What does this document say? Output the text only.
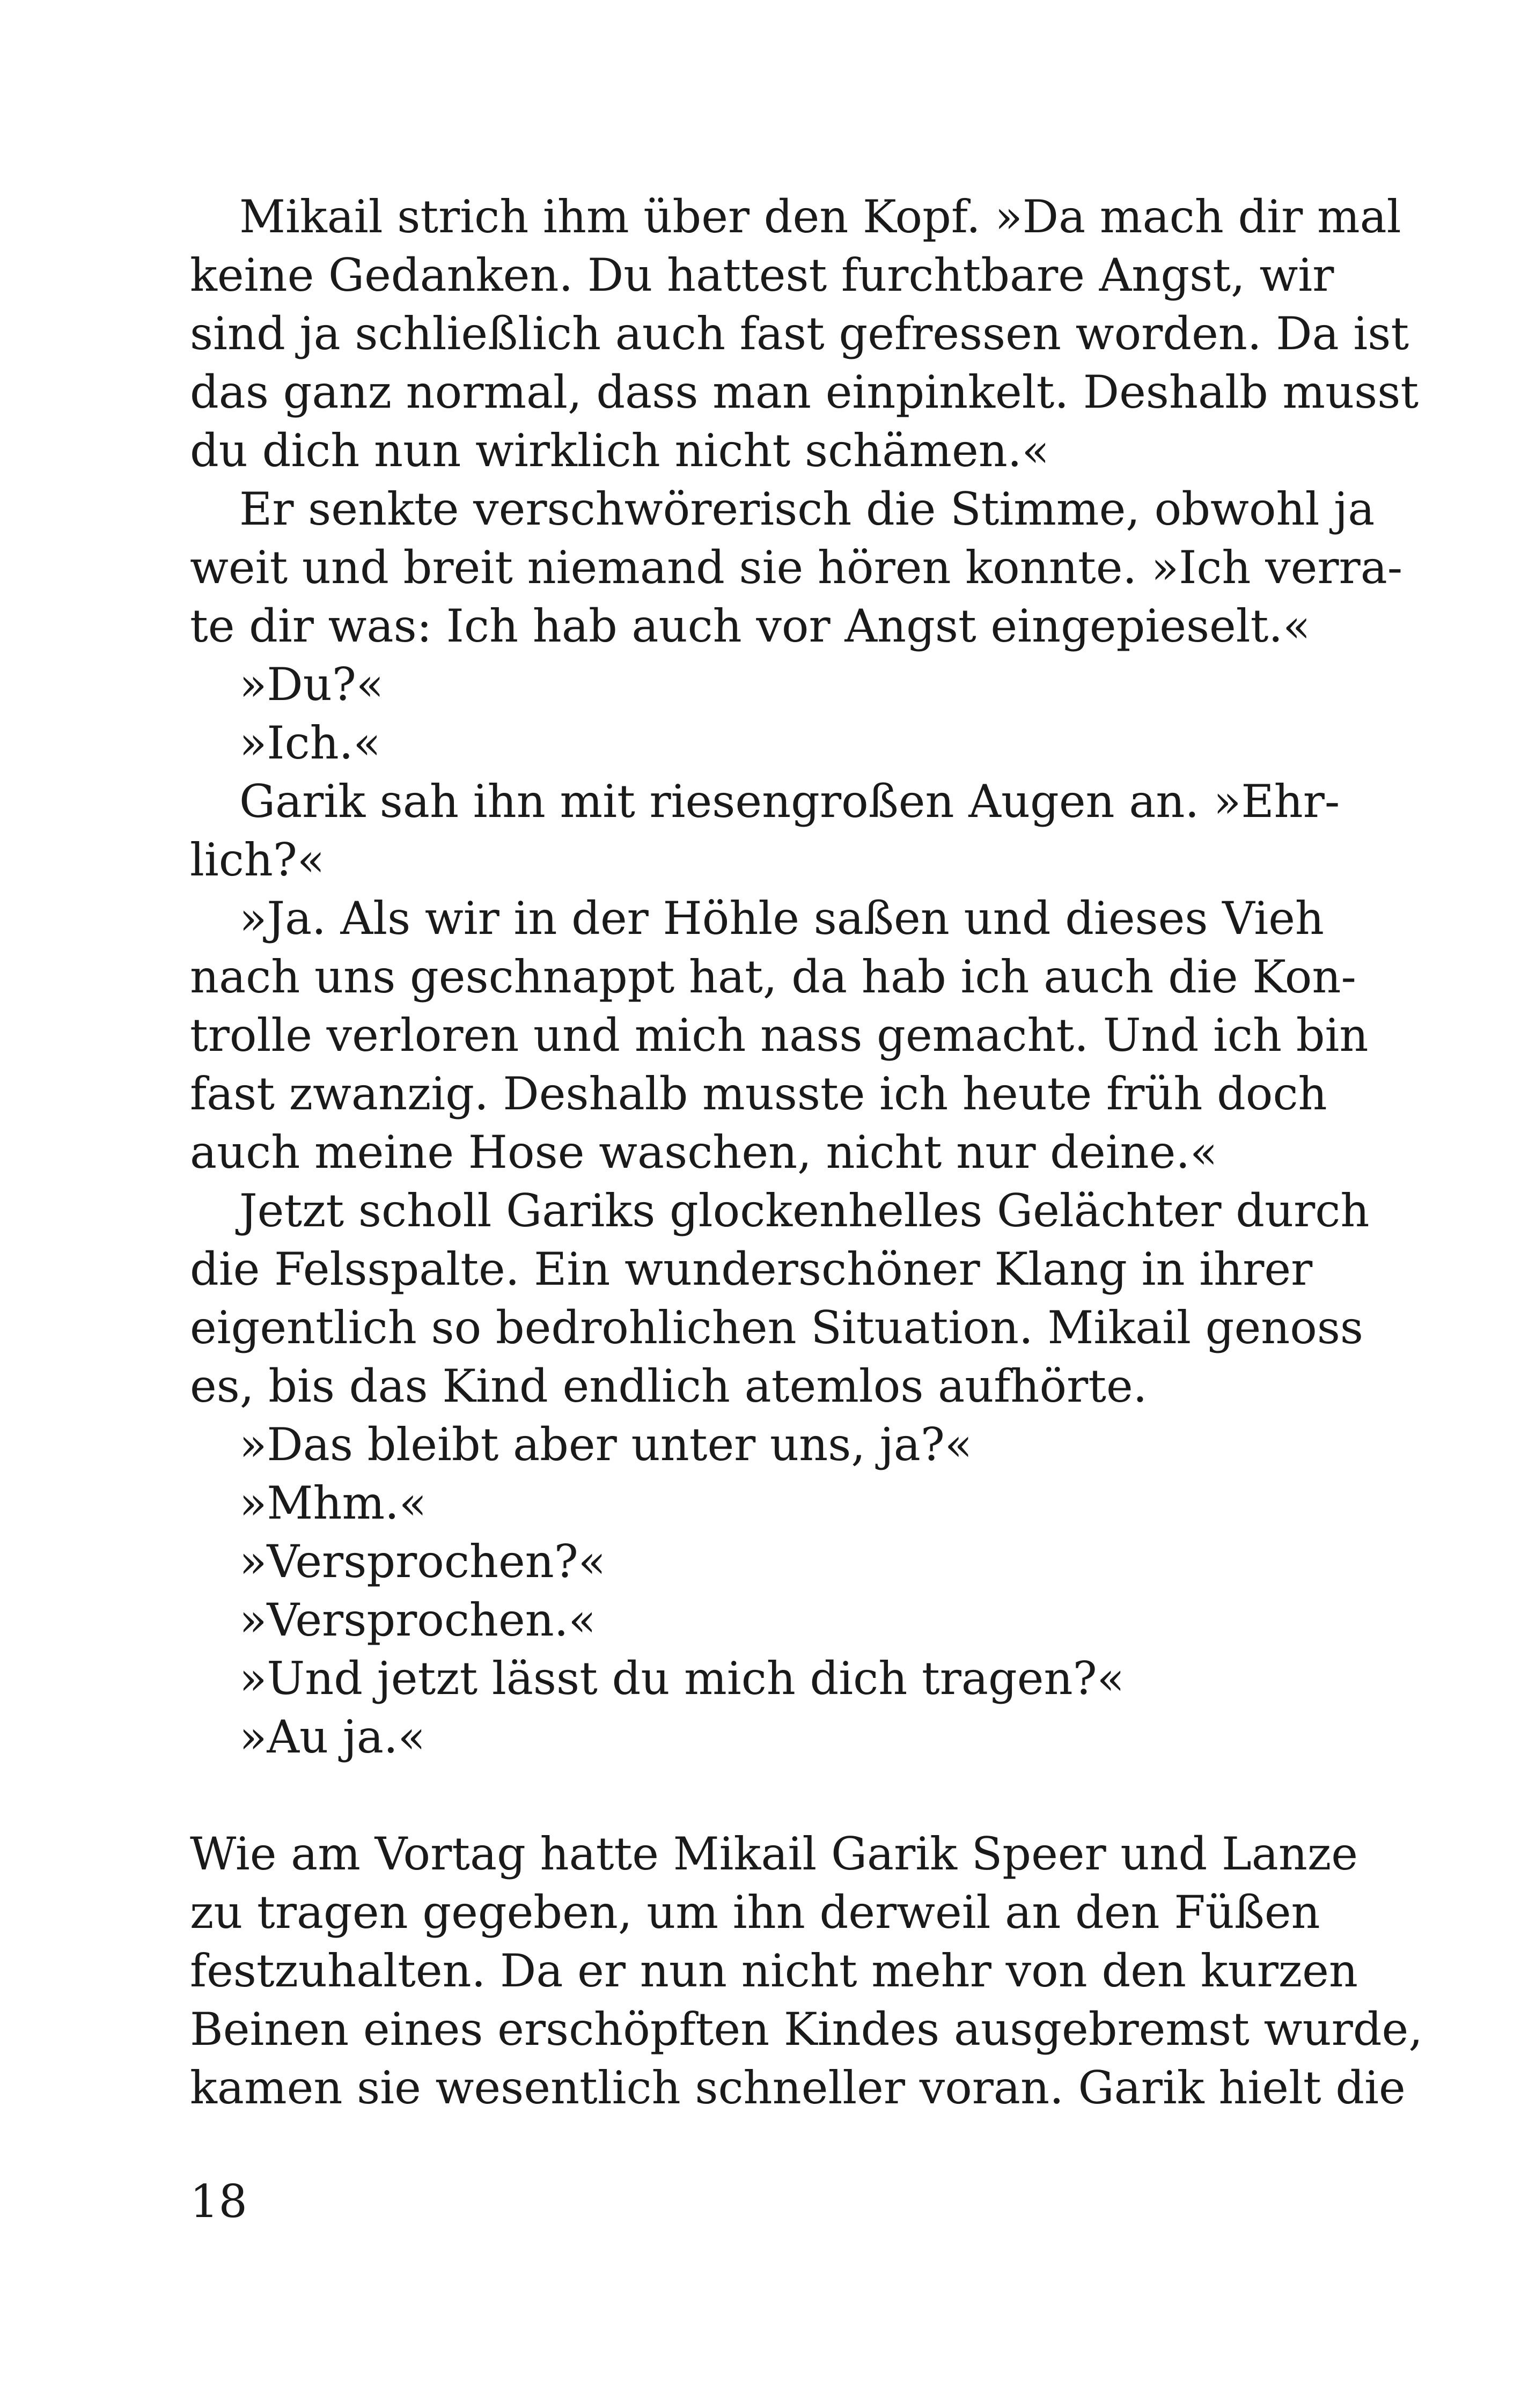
Mikail strich ihm über den Kopf. »Da mach dir mal
keine Gedanken. Du hattest furchtbare Angst, wir
sind ja schließlich auch fast gefressen worden. Da ist
das ganz normal, dass man einpinkelt. Deshalb musst
du dich nun wirklich nicht schämen.«
Er senkte verschwörerisch die Stimme, obwohl ja
weit und breit niemand sie hören konnte. »Ich verra-
te dir was: Ich hab auch vor Angst eingepieselt.«
»Du?«
»Ich.«
Garik sah ihn mit riesengroßen Augen an. »Ehr-
lich?«
»Ja. Als wir in der Höhle saßen und dieses Vieh
nach uns geschnappt hat, da hab ich auch die Kon-
trolle verloren und mich nass gemacht. Und ich bin
fast zwanzig. Deshalb musste ich heute früh doch
auch meine Hose waschen, nicht nur deine.«
Jetzt scholl Gariks glockenhelles Gelächter durch
die Felsspalte. Ein wunderschöner Klang in ihrer
eigentlich so bedrohlichen Situation. Mikail genoss
es, bis das Kind endlich atemlos aufhörte.
»Das bleibt aber unter uns, ja?«
»Mhm.«
»Versprochen?«
»Versprochen.«
»Und jetzt lässt du mich dich tragen?«
»Au ja.«
Wie am Vortag hatte Mikail Garik Speer und Lanze
zu tragen gegeben, um ihn derweil an den Füßen
festzuhalten. Da er nun nicht mehr von den kurzen
Beinen eines erschöpften Kindes ausgebremst wurde,
kamen sie wesentlich schneller voran. Garik hielt die
18
